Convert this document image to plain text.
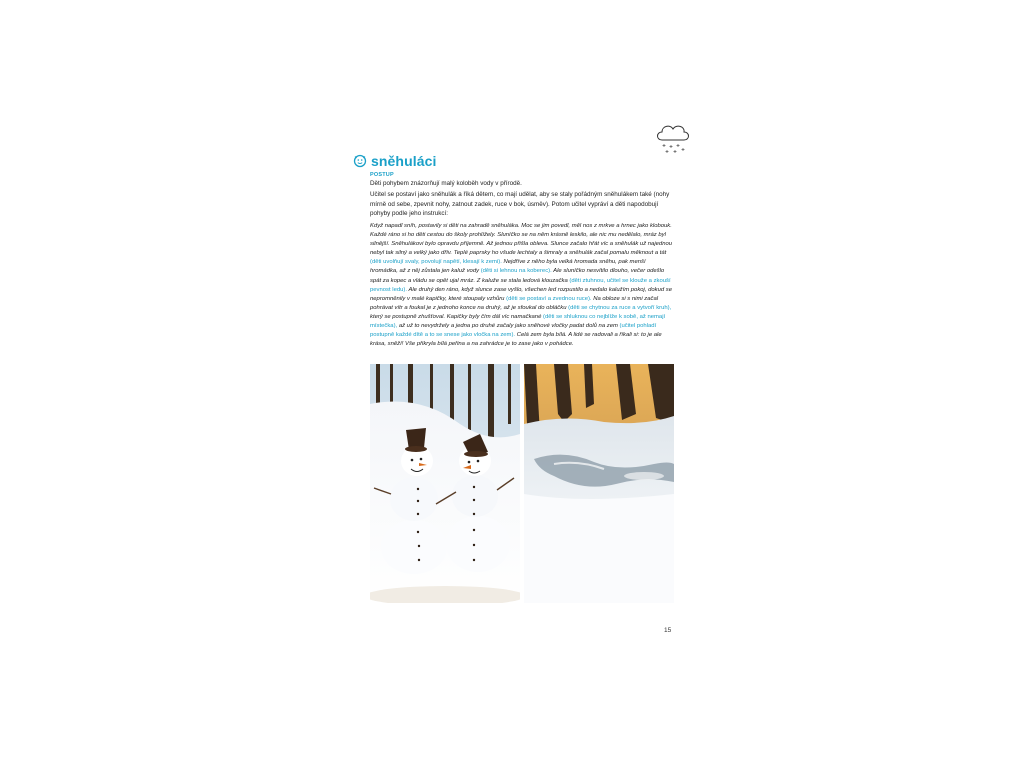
sněhuláci
POSTUP

Děti pohybem znázorňují malý koloběh vody v přírodě.

Učitel se postaví jako sněhulák a říká dětem, co mají udělat, aby se staly pořádným sněhulákem také (nohy mírně od sebe, zpevnit nohy, zatnout zadek, ruce v bok, úsměv). Potom učitel vypráví a děti napodobují pohyby podle jeho instrukcí:

Když napadl sníh, postavily si děti na zahradě sněhuláka. Moc se jim povedl, měl nos z mrkve a hrnec jako klobouk. Každé ráno si ho děti cestou do školy prohlížely. Sluníčko se na něm krásně leskilo, ale nic mu nedělalo, mráz byl silnější. Sněhulákovi bylo opravdu příjemně. Až jednou přišla obleva. Slunce začalo hřát víc a sněhulák už najednou nebyl tak silný a velký jako dřív. Teplé paprsky ho všude lechtaly a šimraly a sněhulák začal pomalu měknout a tát (děti uvolňují svaly, povolují napětí, klesají k zemi). Nejdříve z něho byla velká hromada sněhu, pak menší hromádka, až z něj zůstala jen kaluž vody (děti si lehnou na koberec). Ale sluníčko nesvítilo dlouho, večer odešlo spát za kopec a vládu se opět ujal mráz. Z kaluže se stala ledová klouzačka (děti ztuhnou, učitel se klouže a zkouší pevnost ledu). Ale druhý den ráno, když slunce zase vyšlo, všechen led rozpustilo a nedalo kalužím pokoj, dokud se nepromněnily v malé kapičky, které stoupaly vzhůru (děti se postaví a zvednou ruce). Na obloze si s nimi začal pohrávat vítr a foukal je z jednoho konce na druhý, až je sfoukal do obláčku (děti se chytnou za ruce a vytvoří kruh), který se postupně zhušťoval. Kapičky byly čím dál víc namačkané (děti se shluknou co nejblíže k sobě, až nemají místečka), až už to nevydržely a jedna po druhé začaly jako sněhové vločky padat dolů na zem (učitel pohladí postupně každé dítě a to se snese jako vločka na zem). Celá zem byla bílá. A lidé se radovali a říkali si: to je ale krása, sněží! Vše přikryla bílá peřina a na zahrádce je to zase jako v pohádce.

15
